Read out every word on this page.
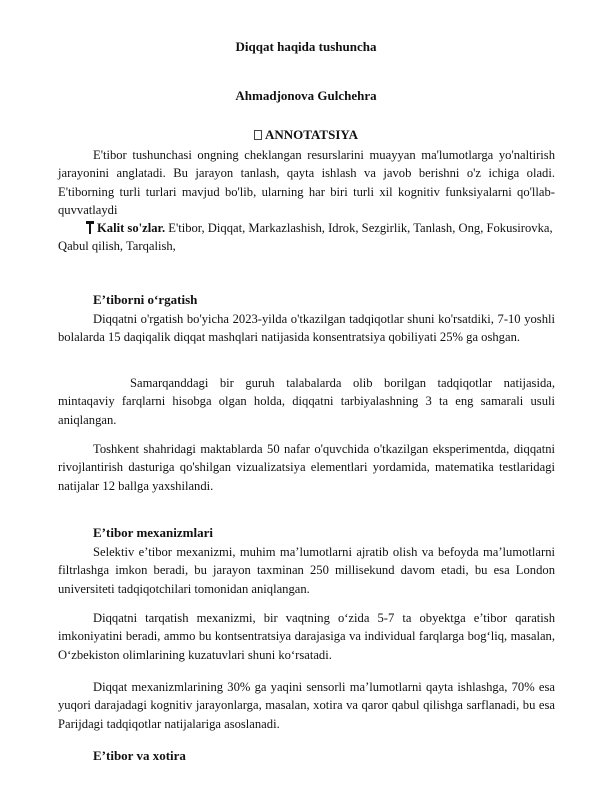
Diqqat haqida tushuncha
Ahmadjonova Gulchehra
ANNOTATSIYA

E'tibor tushunchasi ongning cheklangan resurslarini muayyan ma'lumotlarga yo'naltirish jarayonini anglatadi. Bu jarayon tanlash, qayta ishlash va javob berishni o'z ichiga oladi. E'tiborning turli turlari mavjud bo'lib, ularning har biri turli xil kognitiv funksiyalarni qo'llab-quvvatlaydi

Kalit so'zlar. E'tibor, Diqqat, Markazlashish, Idrok, Sezgirlik, Tanlash, Ong, Fokusirovka, Qabul qilish, Tarqalish,
E’tiborni o‘rgatish

Diqqatni o'rgatish bo'yicha 2023-yilda o'tkazilgan tadqiqotlar shuni ko'rsatdiki, 7-10 yoshli bolalarda 15 daqiqalik diqqat mashqlari natijasida konsentratsiya qobiliyati 25% ga oshgan.

Samarqanddagi bir guruh talabalarda olib borilgan tadqiqotlar natijasida, mintaqaviy farqlarni hisobga olgan holda, diqqatni tarbiyalashning 3 ta eng samarali usuli aniqlangan.

Toshkent shahridagi maktablarda 50 nafar o'quvchida o'tkazilgan eksperimentda, diqqatni rivojlantirish dasturiga qo'shilgan vizualizatsiya elementlari yordamida, matematika testlaridagi natijalar 12 ballga yaxshilandi.

E’tibor mexanizmlari

Selektiv e’tibor mexanizmi, muhim ma’lumotlarni ajratib olish va befoyda ma’lumotlarni filtrlashga imkon beradi, bu jarayon taxminan 250 millisekund davom etadi, bu esa London universiteti tadqiqotchilari tomonidan aniqlangan.

Diqqatni tarqatish mexanizmi, bir vaqtning o‘zida 5-7 ta obyektga e’tibor qaratish imkoniyatini beradi, ammo bu kontsentratsiya darajasiga va individual farqlarga bog‘liq, masalan, O‘zbekiston olimlarining kuzatuvlari shuni ko‘rsatadi.

Diqqat mexanizmlarining 30% ga yaqini sensorli ma’lumotlarni qayta ishlashga, 70% esa yuqori darajadagi kognitiv jarayonlarga, masalan, xotira va qaror qabul qilishga sarflanadi, bu esa Parijdagi tadqiqotlar natijalariga asoslanadi.

E’tibor va xotira
